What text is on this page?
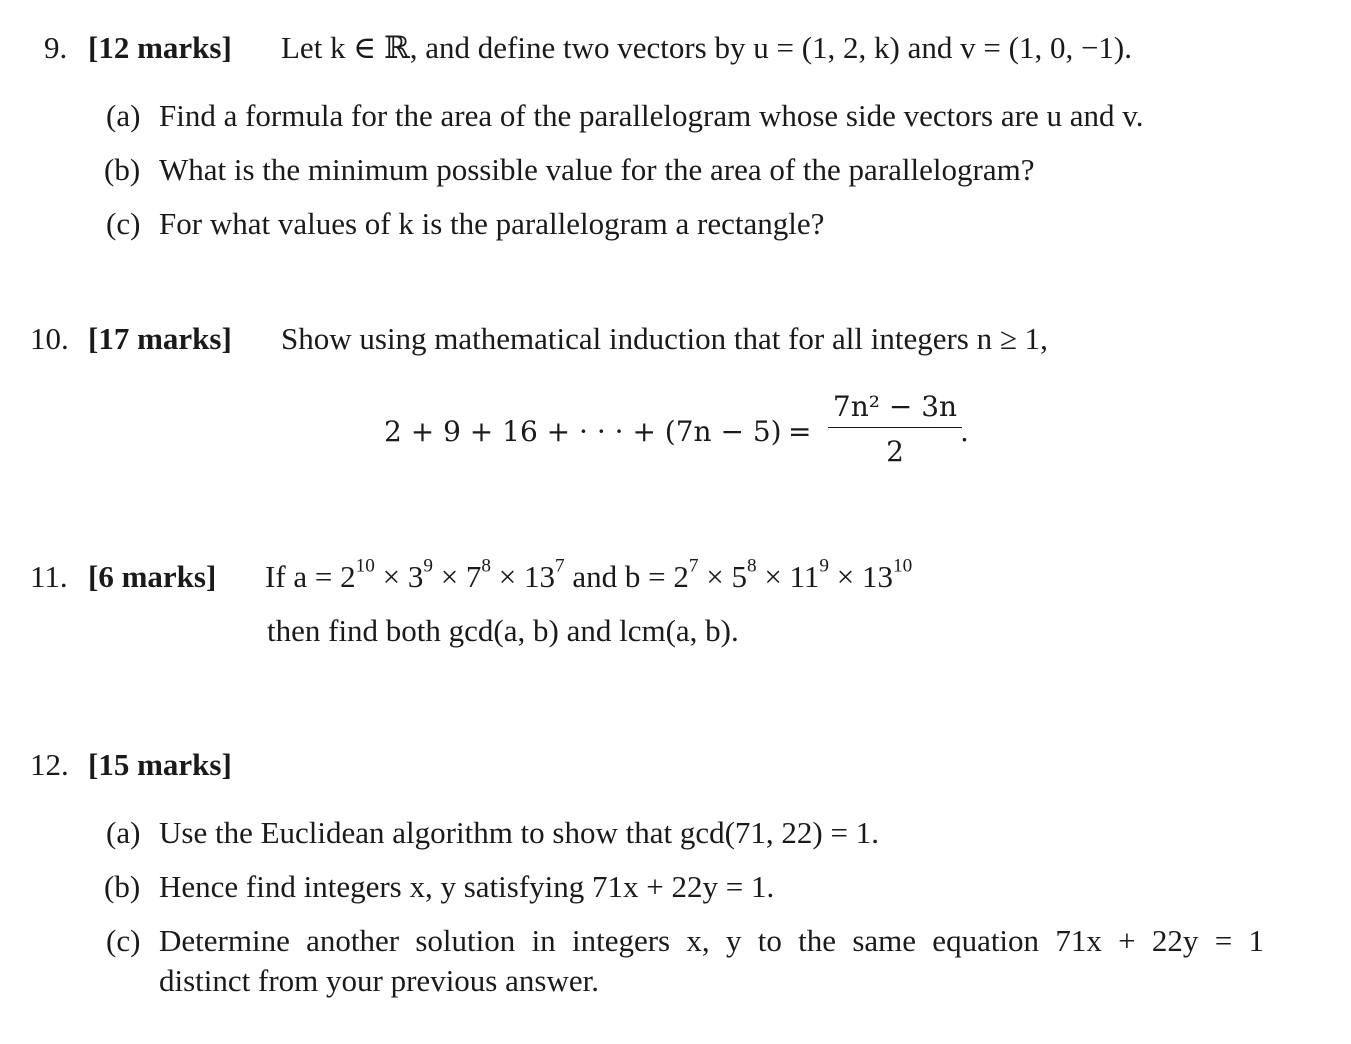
9. [12 marks] Let k ∈ ℝ, and define two vectors by u = (1, 2, k) and v = (1, 0, −1).
(a) Find a formula for the area of the parallelogram whose side vectors are u and v.
(b) What is the minimum possible value for the area of the parallelogram?
(c) For what values of k is the parallelogram a rectangle?
10. [17 marks] Show using mathematical induction that for all integers n ≥ 1,
2 + 9 + 16 + · · · + (7n − 5) =
7n² − 3n
2
.
11. [6 marks] If $a = 2^{10} \times 3^9 \times 7^8 \times 13^7$ and $b = 2^7 \times 5^8 \times 11^9 \times 13^{10}$
then find both gcd(a, b) and lcm(a, b).
12. [15 marks]
(a) Use the Euclidean algorithm to show that gcd(71, 22) = 1.
(b) Hence find integers x, y satisfying 71x + 22y = 1.
(c) Determine another solution in integers x, y to the same equation 71x + 22y = 1
distinct from your previous answer.
